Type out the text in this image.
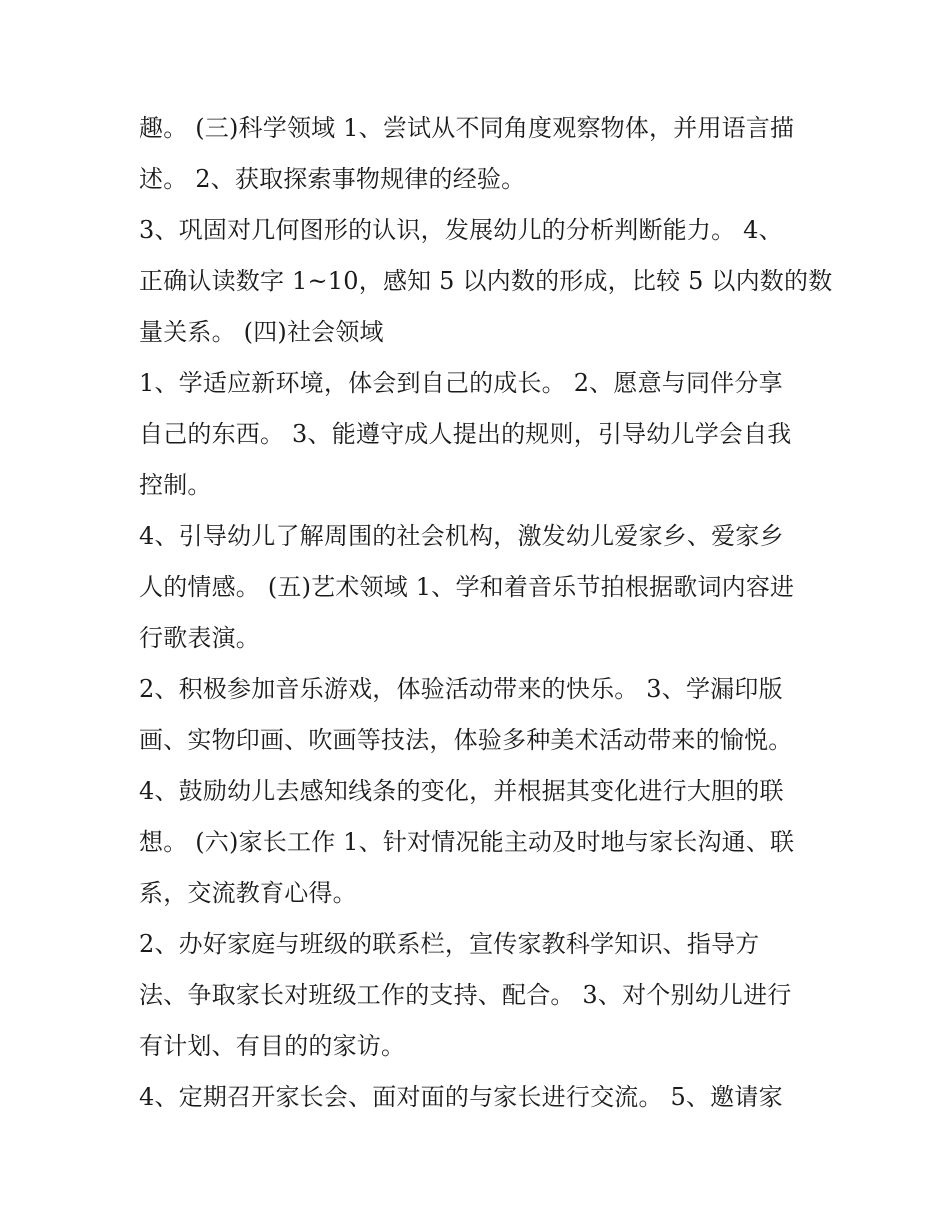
趣。 (三)科学领域 1、尝试从不同角度观察物体，并用语言描
述。 2、获取探索事物规律的经验。
3、巩固对几何图形的认识，发展幼儿的分析判断能力。 4、
正确认读数字 1~10，感知 5 以内数的形成，比较 5 以内数的数
量关系。 (四)社会领域
1、学适应新环境，体会到自己的成长。 2、愿意与同伴分享
自己的东西。 3、能遵守成人提出的规则，引导幼儿学会自我
控制。
4、引导幼儿了解周围的社会机构，激发幼儿爱家乡、爱家乡
人的情感。 (五)艺术领域 1、学和着音乐节拍根据歌词内容进
行歌表演。
2、积极参加音乐游戏，体验活动带来的快乐。 3、学漏印版
画、实物印画、吹画等技法，体验多种美术活动带来的愉悦。
4、鼓励幼儿去感知线条的变化，并根据其变化进行大胆的联
想。 (六)家长工作 1、针对情况能主动及时地与家长沟通、联
系，交流教育心得。
2、办好家庭与班级的联系栏，宣传家教科学知识、指导方
法、争取家长对班级工作的支持、配合。 3、对个别幼儿进行
有计划、有目的的家访。
4、定期召开家长会、面对面的与家长进行交流。 5、邀请家
